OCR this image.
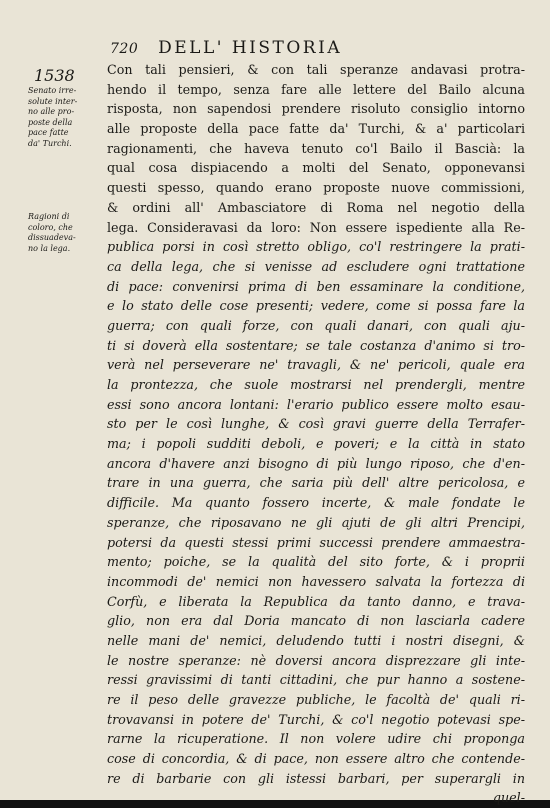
720 DELL' HISTORIA
1538
Senato irre-solute inter-no alle pro-poste della pace fatte da' Turchi.
Ragioni di coloro, che dissuadeva-no la lega.
Con tali pensieri, & con tali speranze andavasi protra-
hendo il tempo, senza fare alle lettere del Bailo alcuna
risposta, non sapendosi prendere risoluto consiglio intorno
alle proposte della pace fatte da' Turchi, & a' particolari
ragionamenti, che haveva tenuto co'l Bailo il Bascià: la
qual cosa dispiacendo a molti del Senato, opponevansi
questi spesso, quando erano proposte nuove commissioni,
& ordini all' Ambasciatore di Roma nel negotio della
lega. Consideravasi da loro: Non essere ispediente alla Re-
publica porsi in così stretto obligo, co'l restringere la prati-
ca della lega, che si venisse ad escludere ogni trattatione
di pace: convenirsi prima di ben essaminare la conditione,
e lo stato delle cose presenti; vedere, come si possa fare la
guerra; con quali forze, con quali danari, con quali aju-
ti si doverà ella sostentare; se tale costanza d'animo si tro-
verà nel perseverare ne' travagli, & ne' pericoli, quale era
la prontezza, che suole mostrarsi nel prendergli, mentre
essi sono ancora lontani: l'erario publico essere molto esau-
sto per le così lunghe, & così gravi guerre della Terrafer-
ma; i popoli sudditi deboli, e poveri; e la città in stato
ancora d'havere anzi bisogno di più lungo riposo, che d'en-
trare in una guerra, che saria più dell' altre pericolosa, e
difficile. Ma quanto fossero incerte, & male fondate le
speranze, che riposavano ne gli ajuti de gli altri Prencipi,
potersi da questi stessi primi successi prendere ammaestra-
mento; poiche, se la qualità del sito forte, & i proprii
incommodi de' nemici non havessero salvata la fortezza di
Corfù, e liberata la Republica da tanto danno, e trava-
glio, non era dal Doria mancato di non lasciarla cadere
nelle mani de' nemici, deludendo tutti i nostri disegni, &
le nostre speranze: nè doversi ancora disprezzare gli inte-
ressi gravissimi di tanti cittadini, che pur hanno a sostene-
re il peso delle gravezze publiche, le facoltà de' quali ri-
trovavansi in potere de' Turchi, & co'l negotio potevasi spe-
rarne la ricuperatione. Il non volere udire chi proponga
cose di concordia, & di pace, non essere altro che contende-
re di barbarie con gli istessi barbari, per superargli in
quel-
